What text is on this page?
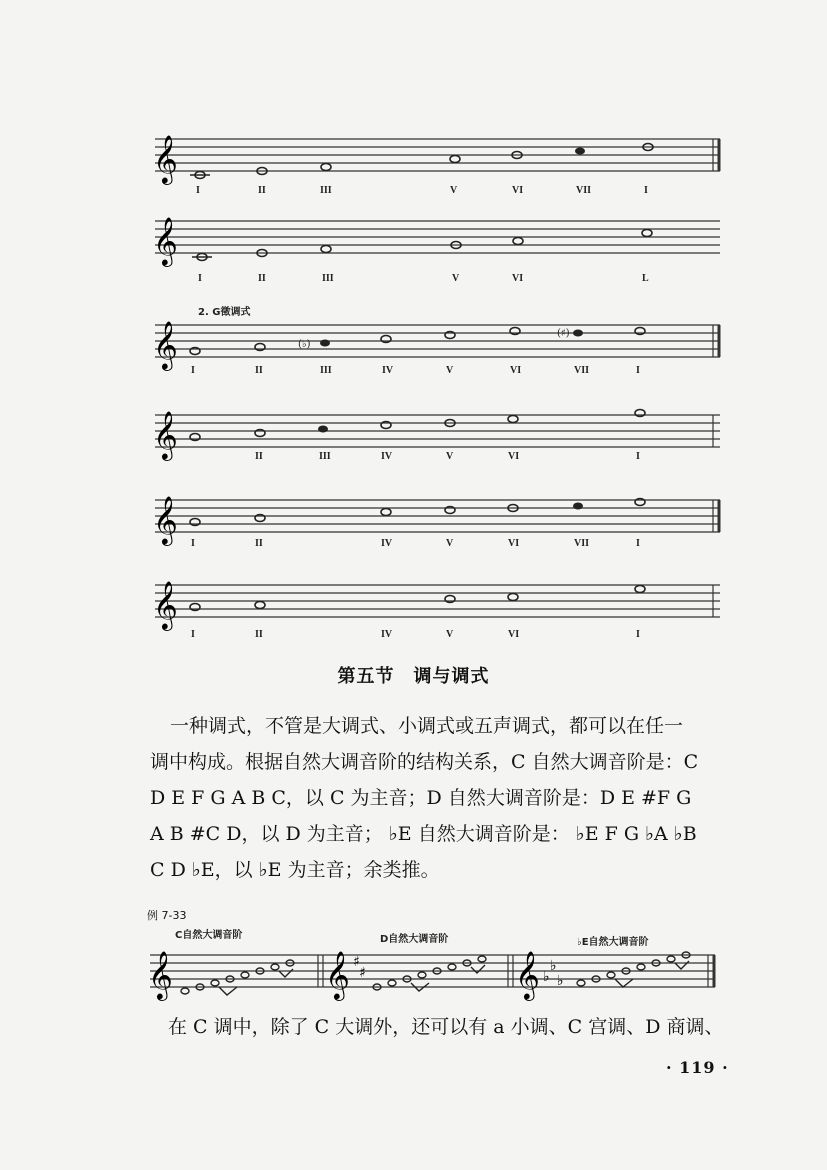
𝄞
I	II	III	V	VI	VII	I
𝄞
I	II	III	V	VI	L
2. G徵调式
𝄞	(♭)
(♯)
I	II	III	IV	V	VI	VII	I
𝄞	II	III	IV	V	VI	I
𝄞 I	II	IV	V	VI	VII	I
𝄞
I	II	IV	V	VI	I
第五节　调与调式
一种调式，不管是大调式、小调式或五声调式，都可以在任一
调中构成。根据自然大调音阶的结构关系，C 自然大调音阶是：C
D E F G A B C，以 C 为主音；D 自然大调音阶是：D E #F G
A B #C D，以 D 为主音； ♭E 自然大调音阶是： ♭E F G ♭A ♭B
C D ♭E，以 ♭E 为主音；余类推。
例 7-33
C自然大调音阶	D自然大调音阶	♭E自然大调音阶
𝄞	𝄞 ♯
♯	𝄞 ♭
♭
♭
在 C 调中，除了 C 大调外，还可以有 a 小调、C 宫调、D 商调、
· 119 ·
